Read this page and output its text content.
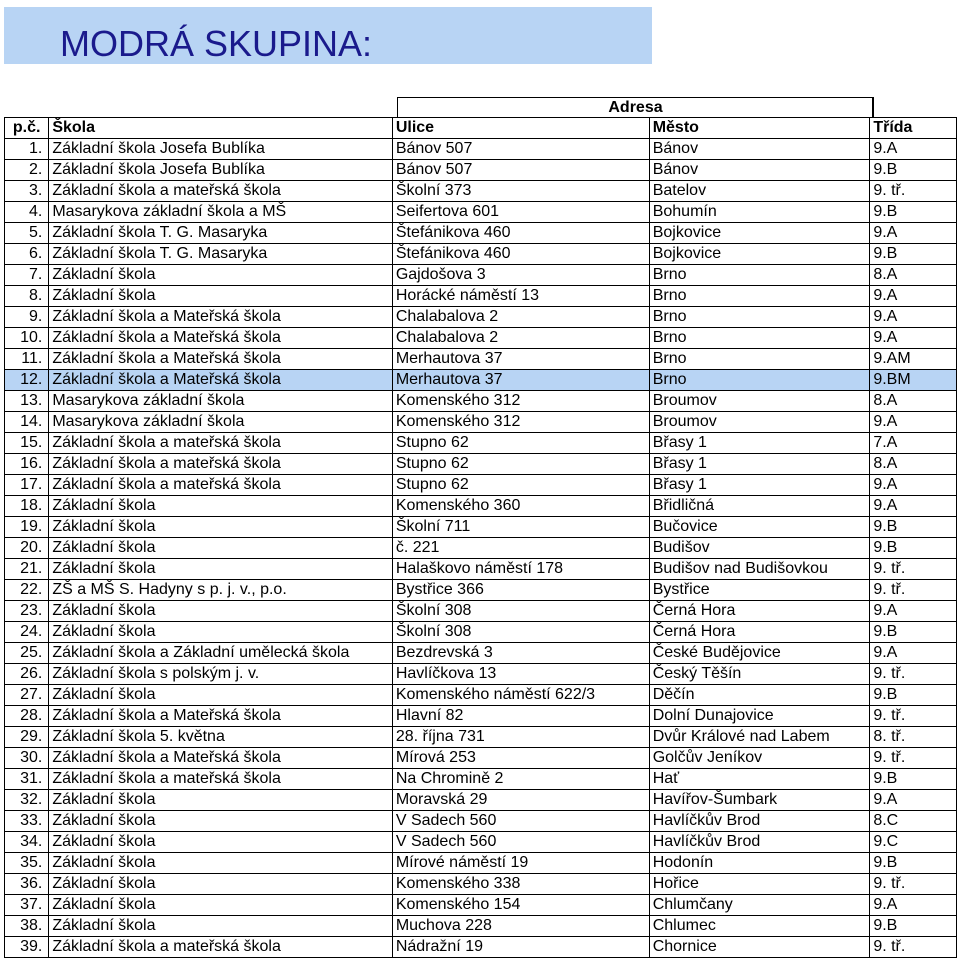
MODRÁ SKUPINA:
Adresa
p.č.	Škola	Ulice	Město	Třída
1.	Základní škola Josefa Bublíka	Bánov 507	Bánov	9.A
2.	Základní škola Josefa Bublíka	Bánov 507	Bánov	9.B
3.	Základní škola a mateřská škola	Školní 373	Batelov	9. tř.
4.	Masarykova základní škola a MŠ	Seifertova 601	Bohumín	9.B
5.	Základní škola T. G. Masaryka	Štefánikova 460	Bojkovice	9.A
6.	Základní škola T. G. Masaryka	Štefánikova 460	Bojkovice	9.B
7.	Základní škola	Gajdošova 3	Brno	8.A
8.	Základní škola	Horácké náměstí 13	Brno	9.A
9.	Základní škola a Mateřská škola	Chalabalova 2	Brno	9.A
10.	Základní škola a Mateřská škola	Chalabalova 2	Brno	9.A
11.	Základní škola a Mateřská škola	Merhautova 37	Brno	9.AM
12.	Základní škola a Mateřská škola	Merhautova 37	Brno	9.BM
13.	Masarykova základní škola	Komenského 312	Broumov	8.A
14.	Masarykova základní škola	Komenského 312	Broumov	9.A
15.	Základní škola a mateřská škola	Stupno 62	Břasy 1	7.A
16.	Základní škola a mateřská škola	Stupno 62	Břasy 1	8.A
17.	Základní škola a mateřská škola	Stupno 62	Břasy 1	9.A
18.	Základní škola	Komenského 360	Břidličná	9.A
19.	Základní škola	Školní 711	Bučovice	9.B
20.	Základní škola	č. 221	Budišov	9.B
21.	Základní škola	Halaškovo náměstí 178	Budišov nad Budišovkou	9. tř.
22.	ZŠ a MŠ S. Hadyny s p. j. v., p.o.	Bystřice 366	Bystřice	9. tř.
23.	Základní škola	Školní 308	Černá Hora	9.A
24.	Základní škola	Školní 308	Černá Hora	9.B
25.	Základní škola a Základní umělecká škola	Bezdrevská 3	České Budějovice	9.A
26.	Základní škola s polským j. v.	Havlíčkova 13	Český Těšín	9. tř.
27.	Základní škola	Komenského náměstí 622/3	Děčín	9.B
28.	Základní škola a Mateřská škola	Hlavní 82	Dolní Dunajovice	9. tř.
29.	Základní škola 5. května	28. října 731	Dvůr Králové nad Labem	8. tř.
30.	Základní škola a Mateřská škola	Mírová 253	Golčův Jeníkov	9. tř.
31.	Základní škola a mateřská škola	Na Chromině 2	Hať	9.B
32.	Základní škola	Moravská 29	Havířov-Šumbark	9.A
33.	Základní škola	V Sadech 560	Havlíčkův Brod	8.C
34.	Základní škola	V Sadech 560	Havlíčkův Brod	9.C
35.	Základní škola	Mírové náměstí 19	Hodonín	9.B
36.	Základní škola	Komenského 338	Hořice	9. tř.
37.	Základní škola	Komenského 154	Chlumčany	9.A
38.	Základní škola	Muchova 228	Chlumec	9.B
39.	Základní škola a mateřská škola	Nádražní 19	Chornice	9. tř.
